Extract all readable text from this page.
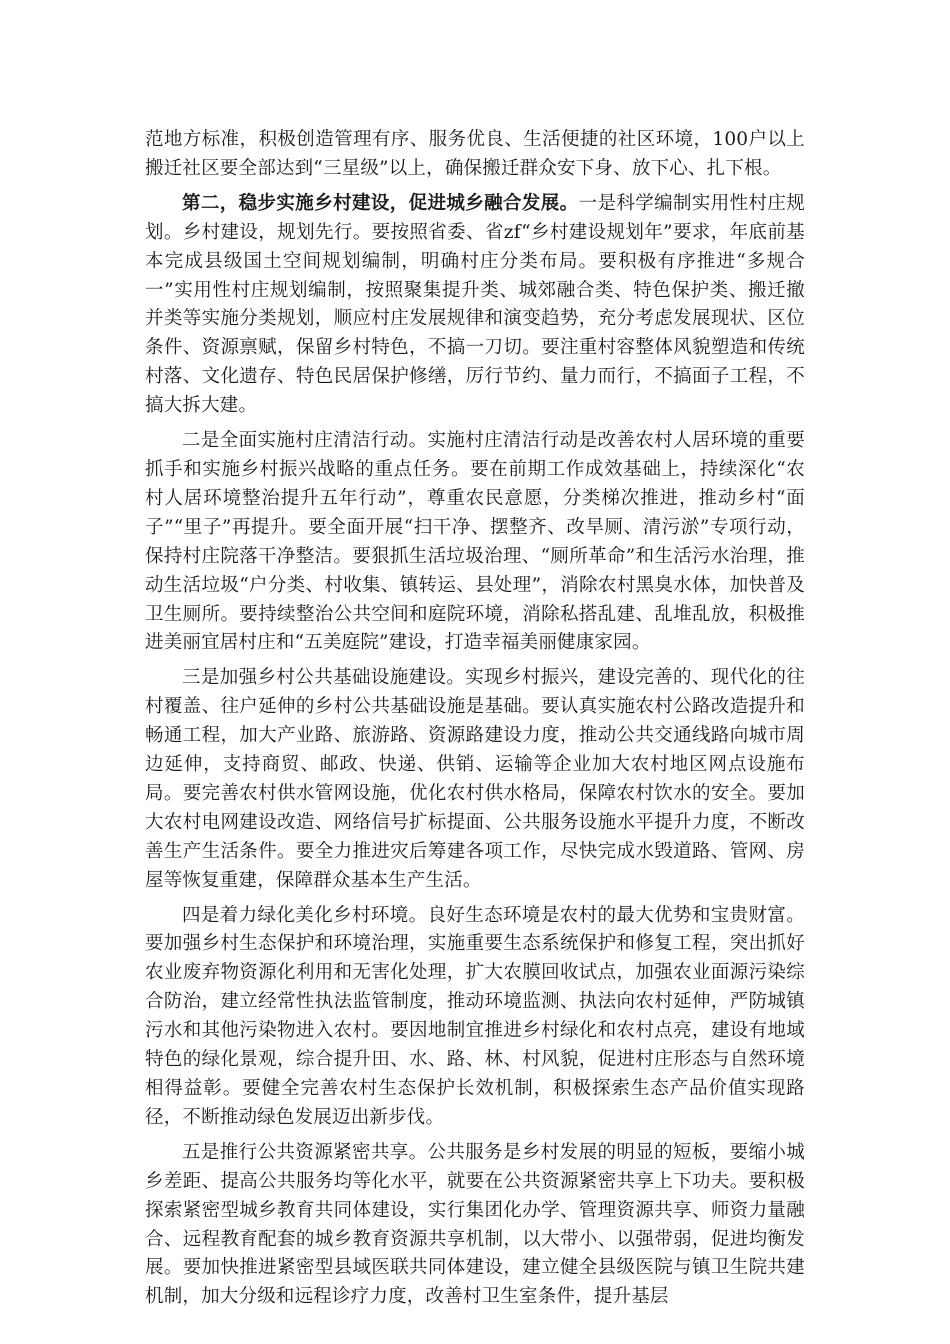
范地方标准，积极创造管理有序、服务优良、生活便捷的社区环境，100户以上搬迁社区要全部达到“三星级”以上，确保搬迁群众安下身、放下心、扎下根。

第二，稳步实施乡村建设，促进城乡融合发展。一是科学编制实用性村庄规划。乡村建设，规划先行。要按照省委、省zf“乡村建设规划年”要求，年底前基本完成县级国土空间规划编制，明确村庄分类布局。要积极有序推进“多规合一”实用性村庄规划编制，按照聚集提升类、城郊融合类、特色保护类、搬迁撤并类等实施分类规划，顺应村庄发展规律和演变趋势，充分考虑发展现状、区位条件、资源禀赋，保留乡村特色，不搞一刀切。要注重村容整体风貌塑造和传统村落、文化遗存、特色民居保护修缮，厉行节约、量力而行，不搞面子工程，不搞大拆大建。

二是全面实施村庄清洁行动。实施村庄清洁行动是改善农村人居环境的重要抓手和实施乡村振兴战略的重点任务。要在前期工作成效基础上，持续深化“农村人居环境整治提升五年行动”，尊重农民意愿，分类梯次推进，推动乡村“面子”“里子”再提升。要全面开展“扫干净、摆整齐、改旱厕、清污淤”专项行动，保持村庄院落干净整洁。要狠抓生活垃圾治理、“厕所革命”和生活污水治理，推动生活垃圾“户分类、村收集、镇转运、县处理”，消除农村黑臭水体，加快普及卫生厕所。要持续整治公共空间和庭院环境，消除私搭乱建、乱堆乱放，积极推进美丽宜居村庄和“五美庭院”建设，打造幸福美丽健康家园。

三是加强乡村公共基础设施建设。实现乡村振兴，建设完善的、现代化的往村覆盖、往户延伸的乡村公共基础设施是基础。要认真实施农村公路改造提升和畅通工程，加大产业路、旅游路、资源路建设力度，推动公共交通线路向城市周边延伸，支持商贸、邮政、快递、供销、运输等企业加大农村地区网点设施布局。要完善农村供水管网设施，优化农村供水格局，保障农村饮水的安全。要加大农村电网建设改造、网络信号扩标提面、公共服务设施水平提升力度，不断改善生产生活条件。要全力推进灾后筹建各项工作，尽快完成水毁道路、管网、房屋等恢复重建，保障群众基本生产生活。

四是着力绿化美化乡村环境。良好生态环境是农村的最大优势和宝贵财富。要加强乡村生态保护和环境治理，实施重要生态系统保护和修复工程，突出抓好农业废弃物资源化利用和无害化处理，扩大农膜回收试点，加强农业面源污染综合防治，建立经常性执法监管制度，推动环境监测、执法向农村延伸，严防城镇污水和其他污染物进入农村。要因地制宜推进乡村绿化和农村点亮，建设有地域特色的绿化景观，综合提升田、水、路、林、村风貌，促进村庄形态与自然环境相得益彰。要健全完善农村生态保护长效机制，积极探索生态产品价值实现路径，不断推动绿色发展迈出新步伐。

五是推行公共资源紧密共享。公共服务是乡村发展的明显的短板，要缩小城乡差距、提高公共服务均等化水平，就要在公共资源紧密共享上下功夫。要积极探索紧密型城乡教育共同体建设，实行集团化办学、管理资源共享、师资力量融合、远程教育配套的城乡教育资源共享机制，以大带小、以强带弱，促进均衡发展。要加快推进紧密型县域医联共同体建设，建立健全县级医院与镇卫生院共建机制，加大分级和远程诊疗力度，改善村卫生室条件，提升基层
